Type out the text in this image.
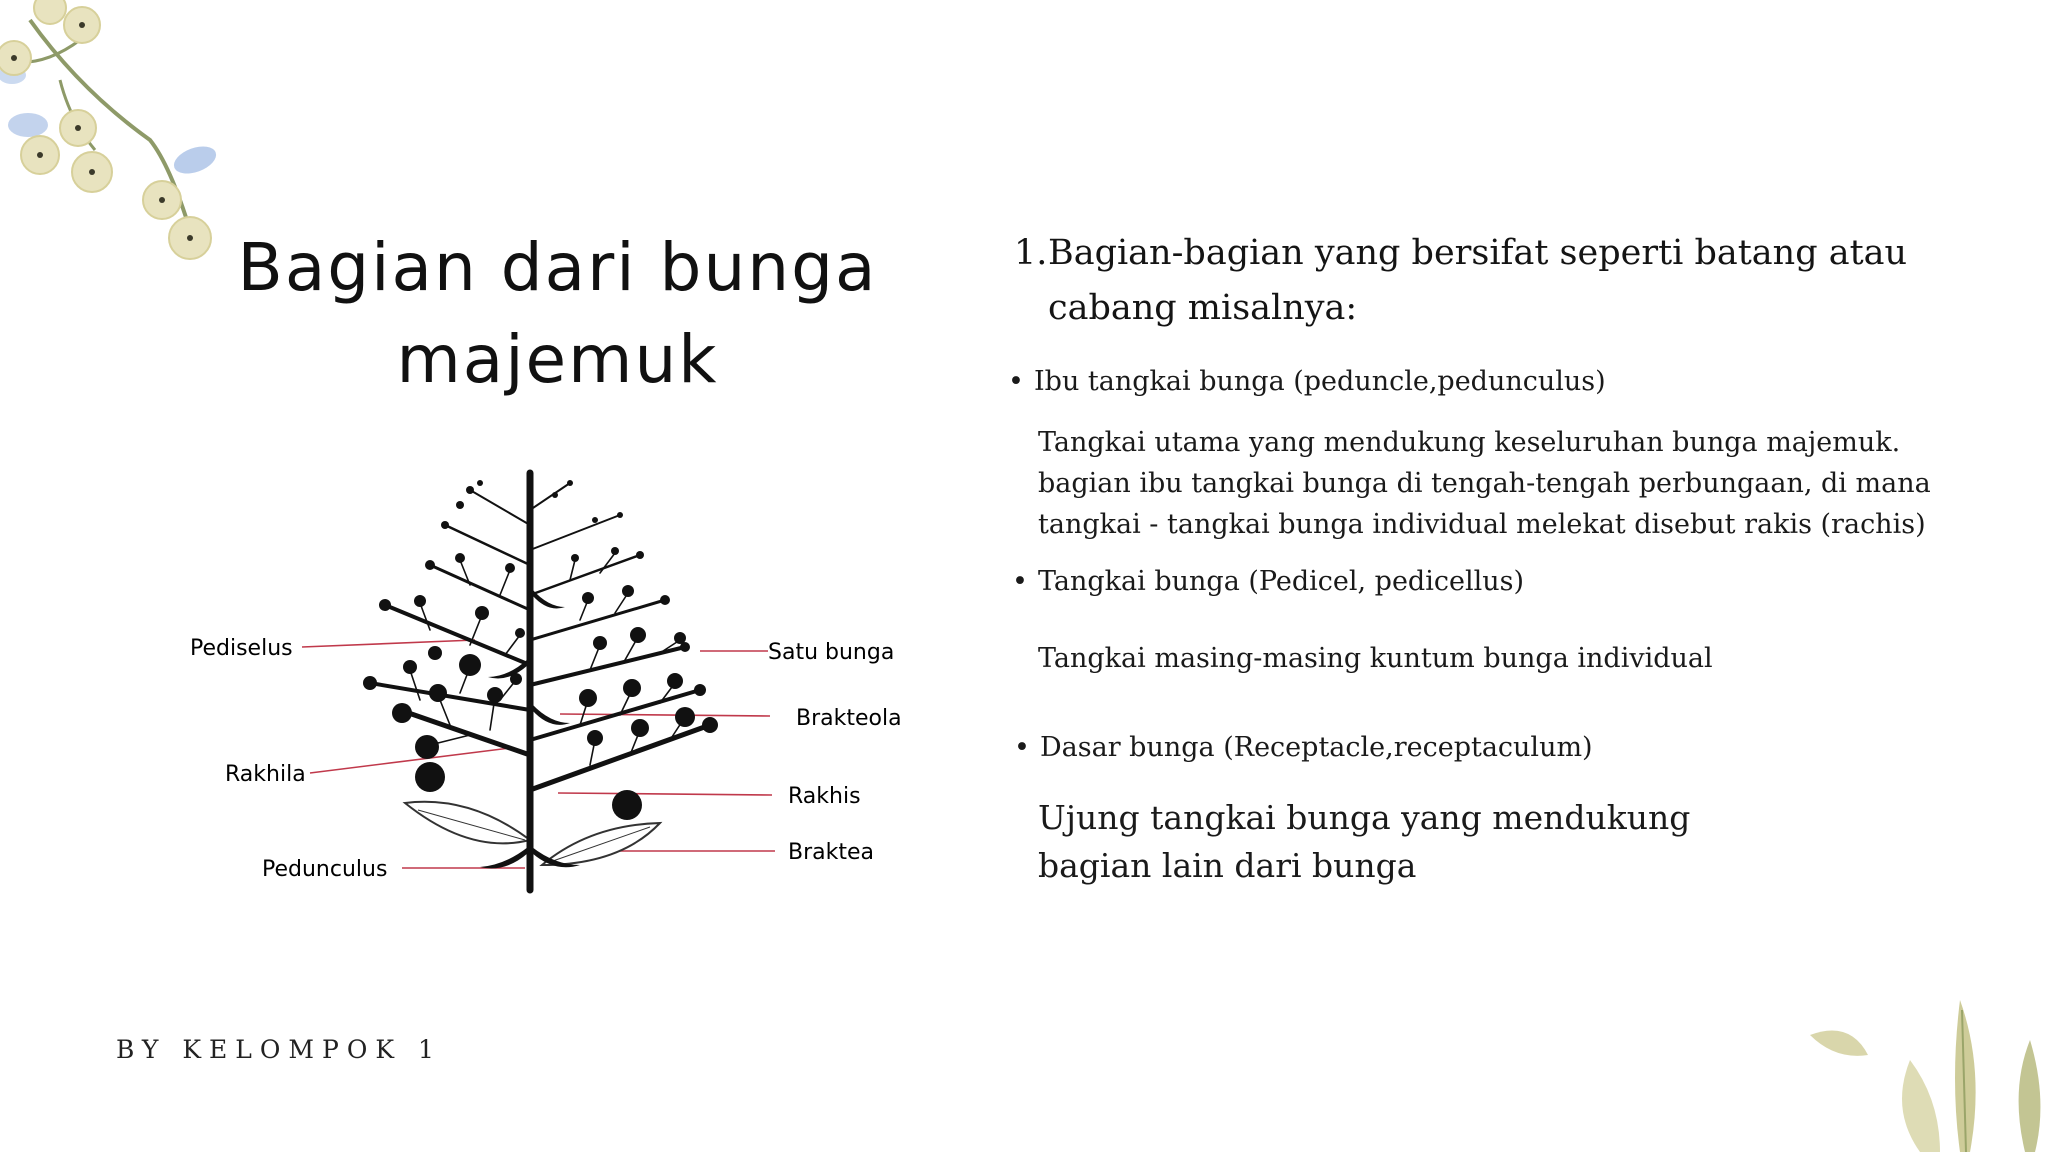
Bagian dari bunga
majemuk
Pediselus
Rakhila
Pedunculus
Satu bunga
Brakteola
Rakhis
Braktea
BY KELOMPOK 1
1. Bagian-bagian yang bersifat seperti batang atau
cabang misalnya:
• Ibu tangkai bunga (peduncle,pedunculus)
Tangkai utama yang mendukung keseluruhan bunga majemuk.
bagian ibu tangkai bunga di tengah-tengah perbungaan, di mana
tangkai - tangkai bunga individual melekat disebut rakis (rachis)
• Tangkai bunga (Pedicel, pedicellus)
Tangkai masing-masing kuntum bunga individual
• Dasar bunga (Receptacle,receptaculum)
Ujung tangkai bunga yang mendukung
bagian lain dari bunga
